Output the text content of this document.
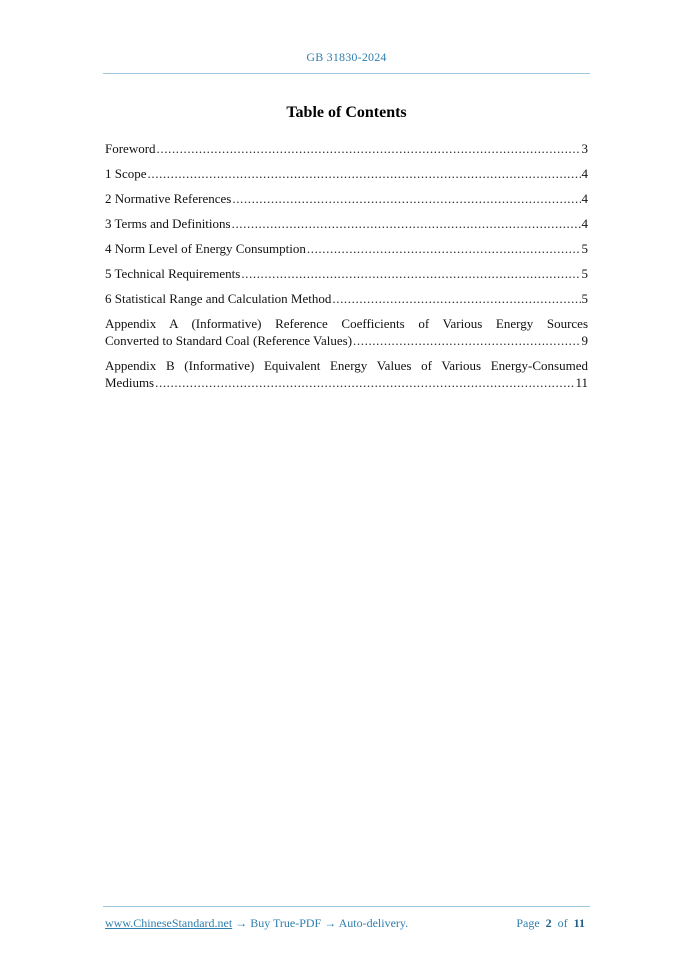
GB 31830-2024
Table of Contents
Foreword .....	3
1 Scope .....	4
2 Normative References .....	4
3 Terms and Definitions .....	4
4 Norm Level of Energy Consumption .....	5
5 Technical Requirements .....	5
6 Statistical Range and Calculation Method .....	5
Appendix A (Informative) Reference Coefficients of Various Energy Sources
Converted to Standard Coal (Reference Values) .....	9
Appendix B (Informative) Equivalent Energy Values of Various Energy-Consumed
Mediums .....	11
www.ChineseStandard.net → Buy True-PDF → Auto-delivery.	Page 2 of 11
